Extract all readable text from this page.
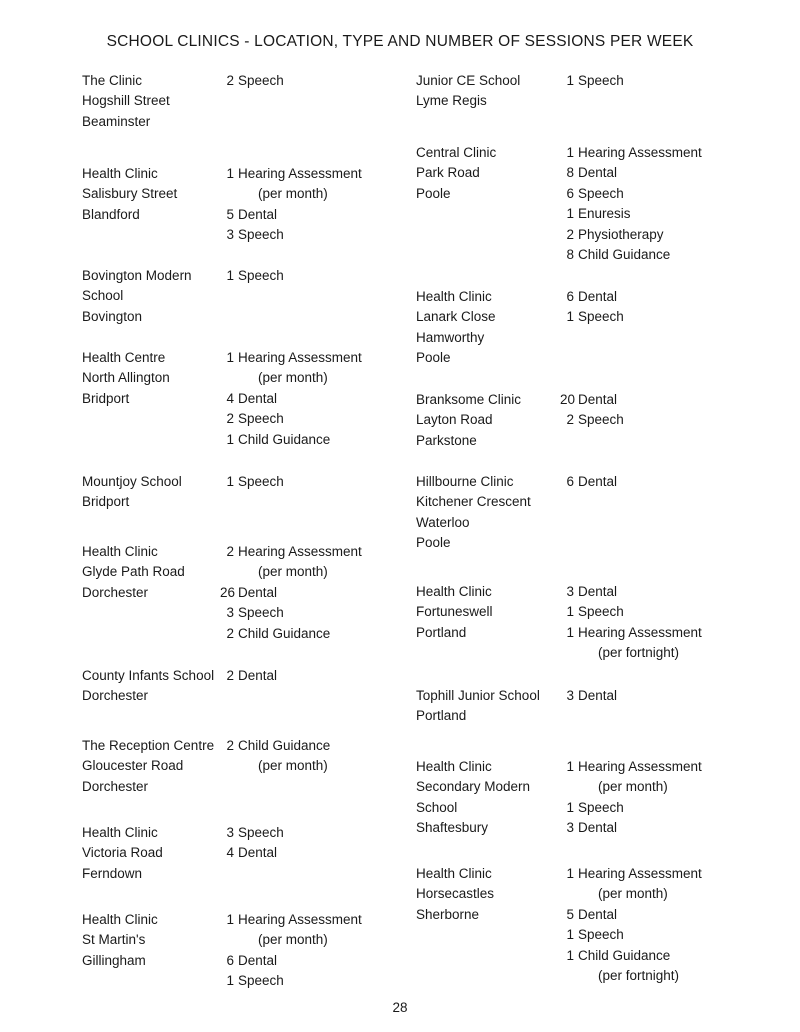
SCHOOL CLINICS - LOCATION, TYPE AND NUMBER OF SESSIONS PER WEEK
The Clinic
Hogshill Street
Beaminster
2 Speech
Health Clinic
Salisbury Street
Blandford
1 Hearing Assessment
(per month)
5 Dental
3 Speech
Bovington Modern
School
Bovington
1 Speech
Health Centre
North Allington
Bridport
1 Hearing Assessment
(per month)
4 Dental
2 Speech
1 Child Guidance
Mountjoy School
Bridport
1 Speech
Health Clinic
Glyde Path Road
Dorchester
2 Hearing Assessment
(per month)
26 Dental
3 Speech
2 Child Guidance
County Infants School
Dorchester
2 Dental
The Reception Centre
Gloucester Road
Dorchester
2 Child Guidance
(per month)
Health Clinic
Victoria Road
Ferndown
3 Speech
4 Dental
Health Clinic
St Martin's
Gillingham
1 Hearing Assessment
(per month)
6 Dental
1 Speech
Junior CE School
Lyme Regis
1 Speech
Central Clinic
Park Road
Poole
1 Hearing Assessment
8 Dental
6 Speech
1 Enuresis
2 Physiotherapy
8 Child Guidance
Health Clinic
Lanark Close
Hamworthy
Poole
6 Dental
1 Speech
Branksome Clinic
Layton Road
Parkstone
20 Dental
2 Speech
Hillbourne Clinic
Kitchener Crescent
Waterloo
Poole
6 Dental
Health Clinic
Fortuneswell
Portland
3 Dental
1 Speech
1 Hearing Assessment
(per fortnight)
Tophill Junior School
Portland
3 Dental
Health Clinic
Secondary Modern
School
Shaftesbury
1 Hearing Assessment
(per month)
1 Speech
3 Dental
Health Clinic
Horsecastles
Sherborne
1 Hearing Assessment
(per month)
5 Dental
1 Speech
1 Child Guidance
(per fortnight)
28
